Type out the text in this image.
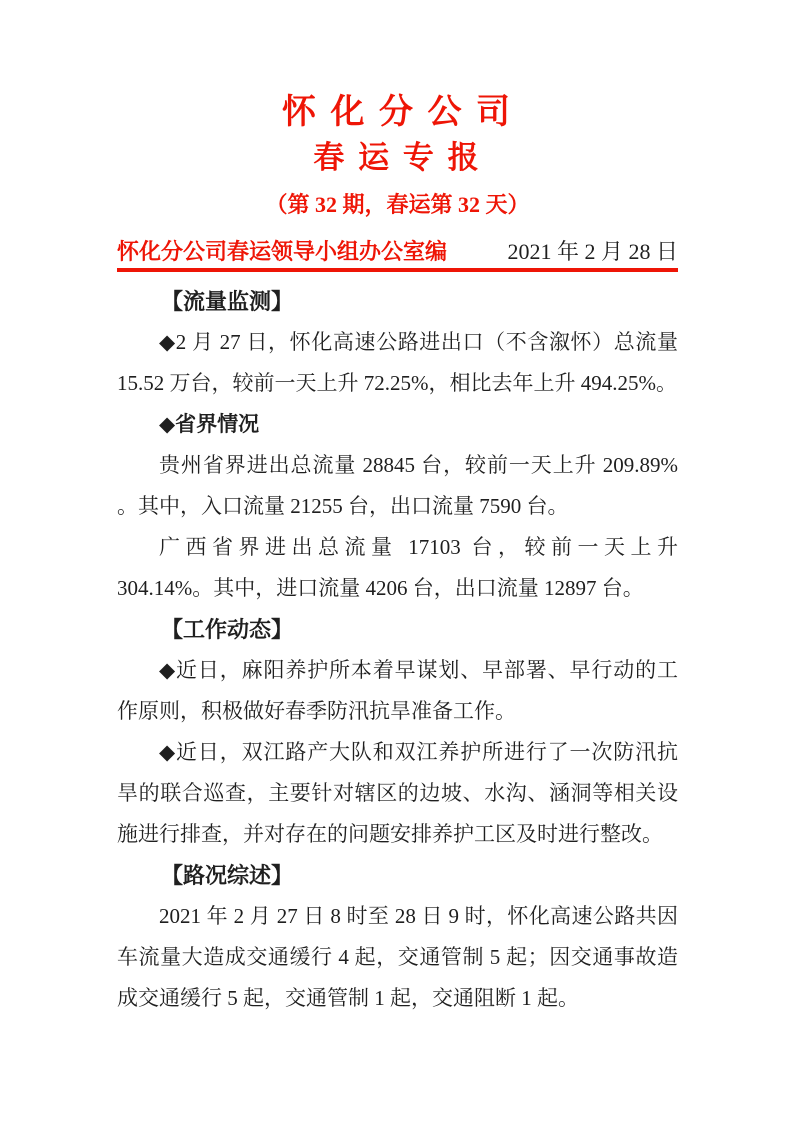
怀 化 分 公 司
春 运 专 报
（第 32 期，春运第 32 天）
怀化分公司春运领导小组办公室编	2021 年 2 月 28 日
【流量监测】

◆2 月 27 日，怀化高速公路进出口（不含溆怀）总流量 15.52 万台，较前一天上升 72.25%，相比去年上升 494.25%。

◆省界情况

贵州省界进出总流量 28845 台，较前一天上升 209.89% 。其中，入口流量 21255 台，出口流量 7590 台。

广西省界进出总流量 17103 台，较前一天上升 304.14%。其中，进口流量 4206 台，出口流量 12897 台。

【工作动态】

◆近日，麻阳养护所本着早谋划、早部署、早行动的工作原则，积极做好春季防汛抗旱准备工作。

◆近日，双江路产大队和双江养护所进行了一次防汛抗旱的联合巡查，主要针对辖区的边坡、水沟、涵洞等相关设施进行排查，并对存在的问题安排养护工区及时进行整改。

【路况综述】

2021 年 2 月 27 日 8 时至 28 日 9 时，怀化高速公路共因车流量大造成交通缓行 4 起，交通管制 5 起；因交通事故造成交通缓行 5 起，交通管制 1 起，交通阻断 1 起。
